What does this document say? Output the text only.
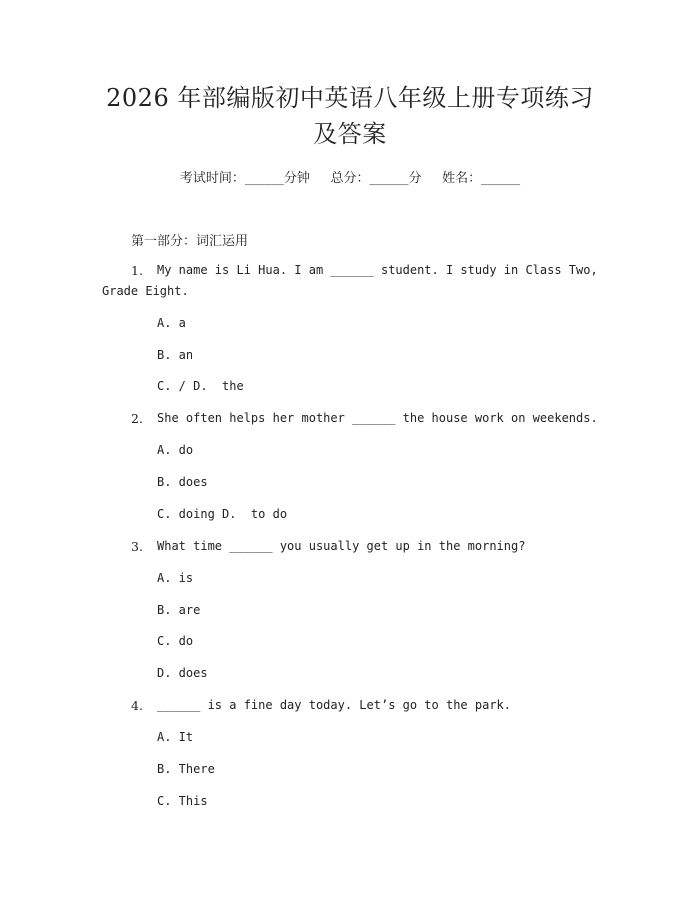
2026 年部编版初中英语八年级上册专项练习
及答案
考试时间：______分钟     总分：______分     姓名：______
第一部分：词汇运用
1. My name is Li Hua. I am ______ student. I study in Class Two,
Grade Eight.
A. a
B. an
C. / D.  the
2. She often helps her mother ______ the house work on weekends.
A. do
B. does
C. doing D.  to do
3. What time ______ you usually get up in the morning?
A. is
B. are
C. do
D. does
4. ______ is a fine day today. Let’s go to the park.
A. It
B. There
C. This
